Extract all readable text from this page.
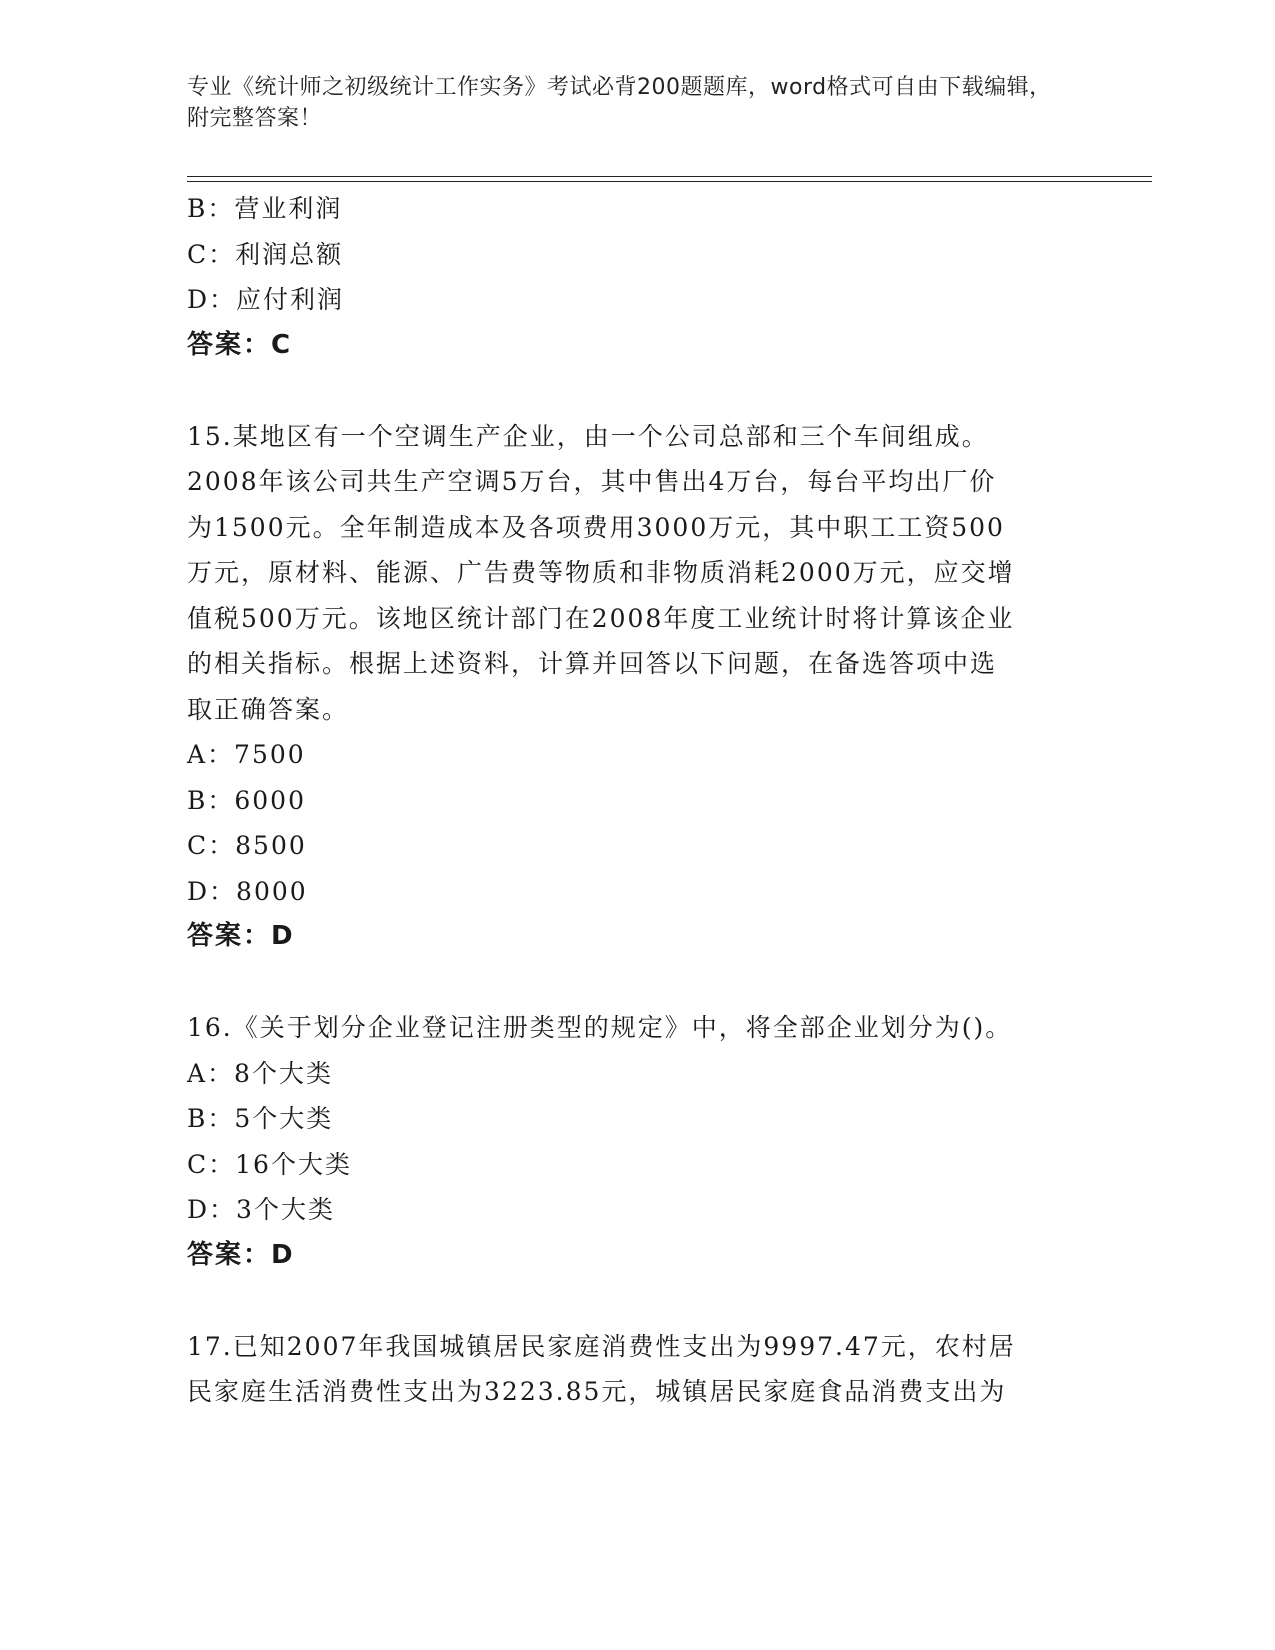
专业《统计师之初级统计工作实务》考试必背200题题库，word格式可自由下载编辑，附完整答案！
B：营业利润
C：利润总额
D：应付利润
答案：C
15.某地区有一个空调生产企业，由一个公司总部和三个车间组成。
2008年该公司共生产空调5万台，其中售出4万台，每台平均出厂价
为1500元。全年制造成本及各项费用3000万元，其中职工工资500
万元，原材料、能源、广告费等物质和非物质消耗2000万元，应交增
值税500万元。该地区统计部门在2008年度工业统计时将计算该企业
的相关指标。根据上述资料，计算并回答以下问题，在备选答项中选
取正确答案。
A：7500
B：6000
C：8500
D：8000
答案：D
16.《关于划分企业登记注册类型的规定》中，将全部企业划分为()。
A：8个大类
B：5个大类
C：16个大类
D：3个大类
答案：D
17.已知2007年我国城镇居民家庭消费性支出为9997.47元，农村居
民家庭生活消费性支出为3223.85元，城镇居民家庭食品消费支出为
